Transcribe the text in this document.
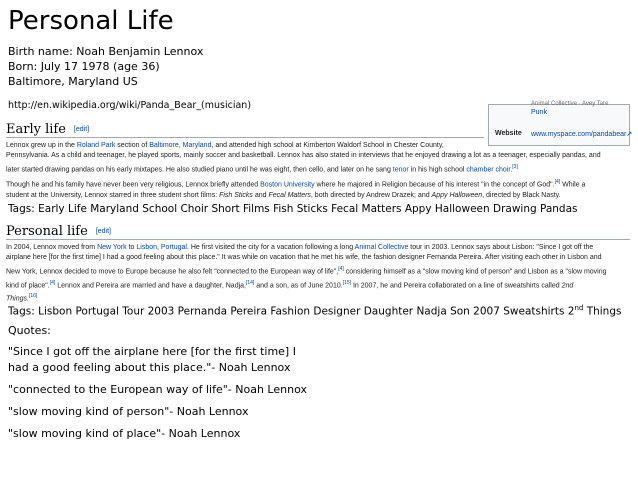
Personal Life
Birth name: Noah Benjamin Lennox
Born: July 17 1978 (age 36)
Baltimore, Maryland US
http://en.wikipedia.org/wiki/Panda_Bear_(musician)	Animal Collective · Avey Tare
Punk
Website www.myspace.com/pandabear↗
Early life [edit]
Lennox grew up in the Roland Park section of Baltimore, Maryland, and attended high school at Kimberton Waldorf School in Chester County,
Pennsylvania. As a child and teenager, he played sports, mainly soccer and basketball. Lennox has also stated in interviews that he enjoyed drawing a lot as a teenager, especially pandas, and
later started drawing pandas on his early mixtapes. He also studied piano until he was eight, then cello, and later on he sang tenor in his high school chamber choir.[3]
Though he and his family have never been very religious, Lennox briefly attended Boston University where he majored in Religion because of his interest "in the concept of God".[4] While a
student at the University, Lennox starred in three student short films: Fish Sticks and Fecal Matters, both directed by Andrew Drazek; and Appy Halloween, directed by Black Nasty.
Tags: Early Life Maryland School Choir Short Films Fish Sticks Fecal Matters Appy Halloween Drawing Pandas
Personal life [edit]
In 2004, Lennox moved from New York to Lisbon, Portugal. He first visited the city for a vacation following a long Animal Collective tour in 2003. Lennox says about Lisbon: "Since I got off the
airplane here [for the first time] I had a good feeling about this place." It was while on vacation that he met his wife, the fashion designer Fernanda Pereira. After visiting each other in Lisbon and
New York, Lennox decided to move to Europe because he also felt "connected to the European way of life",[4] considering himself as a "slow moving kind of person" and Lisbon as a "slow moving
kind of place".[4] Lennox and Pereira are married and have a daughter, Nadja,[14] and a son, as of June 2010.[15] In 2007, he and Pereira collaborated on a line of sweatshirts called 2nd
Things.[16]
Tags: Lisbon Portugal Tour 2003 Pernanda Pereira Fashion Designer Daughter Nadja Son 2007 Sweatshirts 2nd Things
Quotes:
"Since I got off the airplane here [for the first time] I
had a good feeling about this place."- Noah Lennox
"connected to the European way of life"- Noah Lennox
"slow moving kind of person"- Noah Lennox
"slow moving kind of place"- Noah Lennox
